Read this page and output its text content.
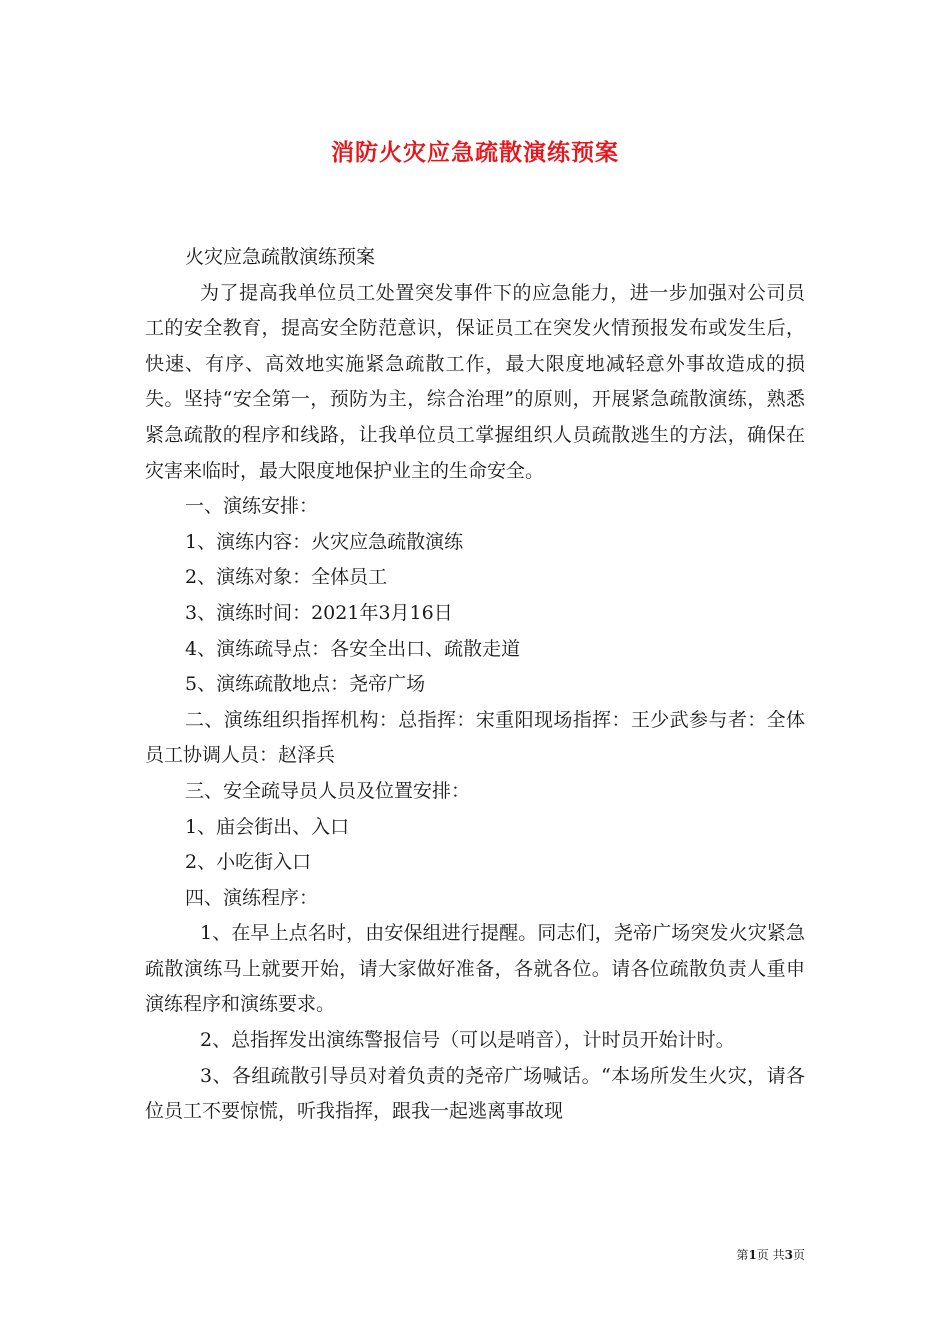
消防火灾应急疏散演练预案

火灾应急疏散演练预案

为了提高我单位员工处置突发事件下的应急能力，进一步加强对公司员工的安全教育，提高安全防范意识，保证员工在突发火情预报发布或发生后，快速、有序、高效地实施紧急疏散工作，最大限度地减轻意外事故造成的损失。坚持“安全第一，预防为主，综合治理”的原则，开展紧急疏散演练，熟悉紧急疏散的程序和线路，让我单位员工掌握组织人员疏散逃生的方法，确保在灾害来临时，最大限度地保护业主的生命安全。

一、演练安排：

1、演练内容：火灾应急疏散演练

2、演练对象：全体员工

3、演练时间：2021年3月16日

4、演练疏导点：各安全出口、疏散走道

5、演练疏散地点：尧帝广场

二、演练组织指挥机构：总指挥：宋重阳现场指挥：王少武参与者：全体员工协调人员：赵泽兵

三、安全疏导员人员及位置安排：

1、庙会街出、入口

2、小吃街入口

四、演练程序：

1、在早上点名时，由安保组进行提醒。同志们，尧帝广场突发火灾紧急疏散演练马上就要开始，请大家做好准备，各就各位。请各位疏散负责人重申演练程序和演练要求。

2、总指挥发出演练警报信号（可以是哨音），计时员开始计时。

3、各组疏散引导员对着负责的尧帝广场喊话。“本场所发生火灾，请各位员工不要惊慌，听我指挥，跟我一起逃离事故现

第1页 共3页
